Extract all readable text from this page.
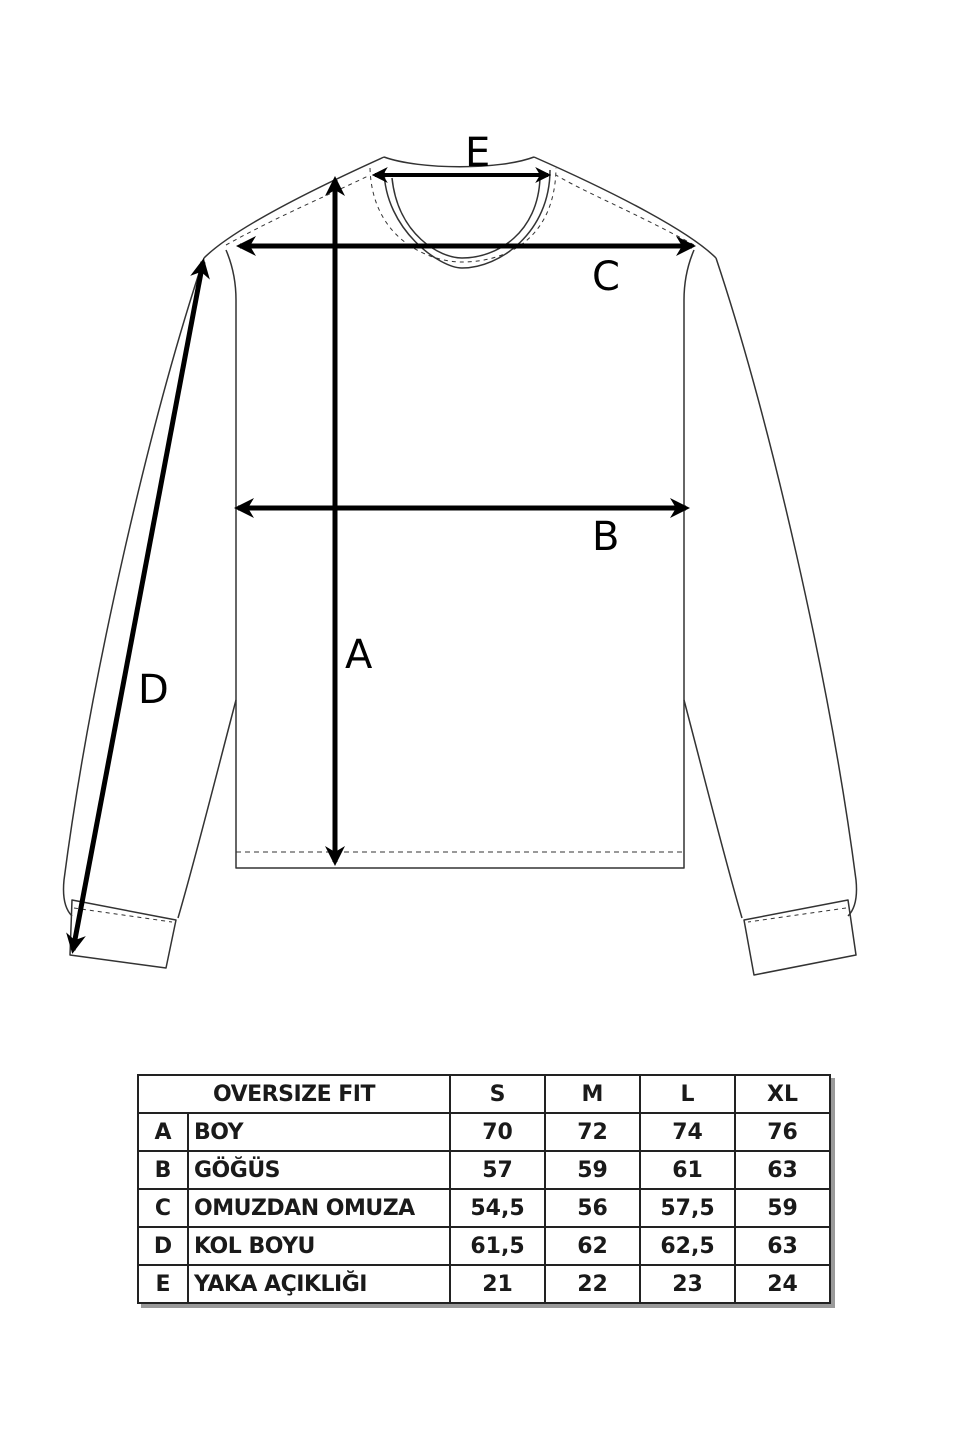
A
B
C
D
E
OVERSIZE FIT		S	M	L	XL
A	BOY	70	72	74	76
B	GÖĞÜS	57	59	61	63
C	OMUZDAN OMUZA	54,5	56	57,5	59
D	KOL BOYU	61,5	62	62,5	63
E	YAKA AÇIKLIĞI	21	22	23	24
